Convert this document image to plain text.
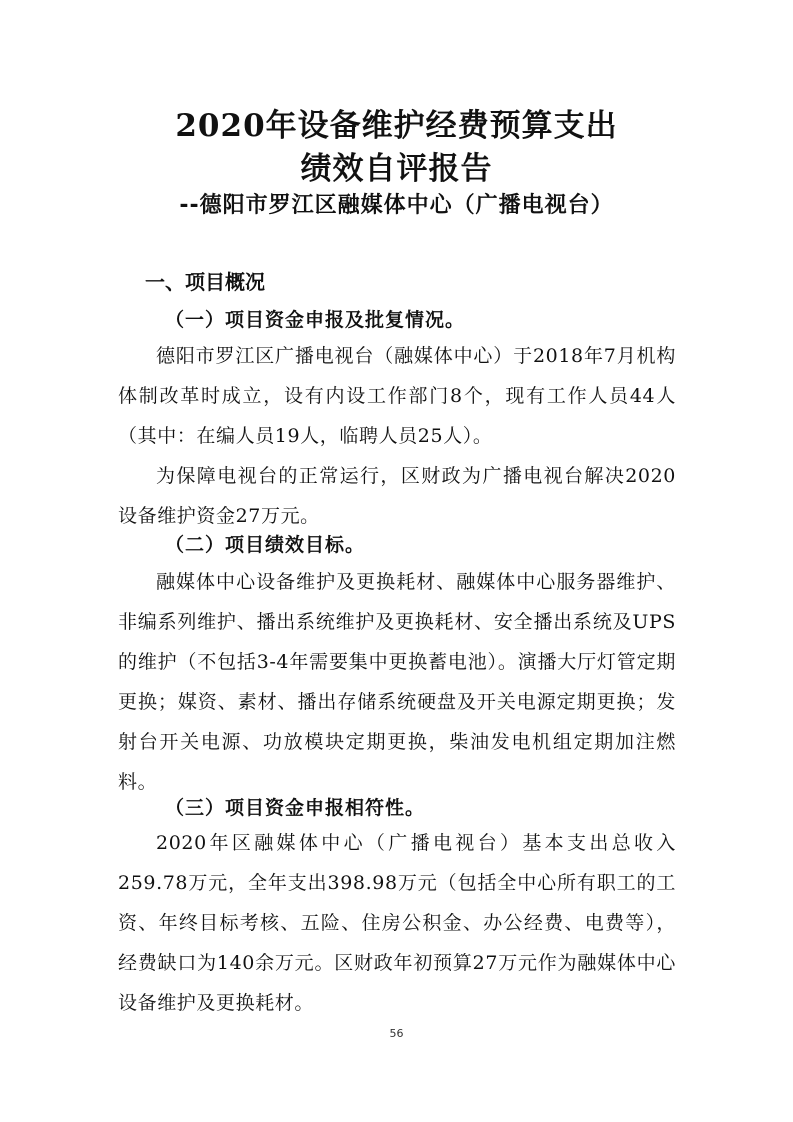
2020年设备维护经费预算支出
绩效自评报告
--德阳市罗江区融媒体中心（广播电视台）
一、项目概况
（一）项目资金申报及批复情况。

德阳市罗江区广播电视台（融媒体中心）于2018年7月机构体制改革时成立，设有内设工作部门8个，现有工作人员44人（其中：在编人员19人，临聘人员25人）。

为保障电视台的正常运行，区财政为广播电视台解决2020设备维护资金27万元。

（二）项目绩效目标。

融媒体中心设备维护及更换耗材、融媒体中心服务器维护、非编系列维护、播出系统维护及更换耗材、安全播出系统及UPS的维护（不包括3-4年需要集中更换蓄电池）。演播大厅灯管定期更换；媒资、素材、播出存储系统硬盘及开关电源定期更换；发射台开关电源、功放模块定期更换，柴油发电机组定期加注燃料。

（三）项目资金申报相符性。

2020年区融媒体中心（广播电视台）基本支出总收入259.78万元，全年支出398.98万元（包括全中心所有职工的工资、年终目标考核、五险、住房公积金、办公经费、电费等），经费缺口为140余万元。区财政年初预算27万元作为融媒体中心设备维护及更换耗材。

56
